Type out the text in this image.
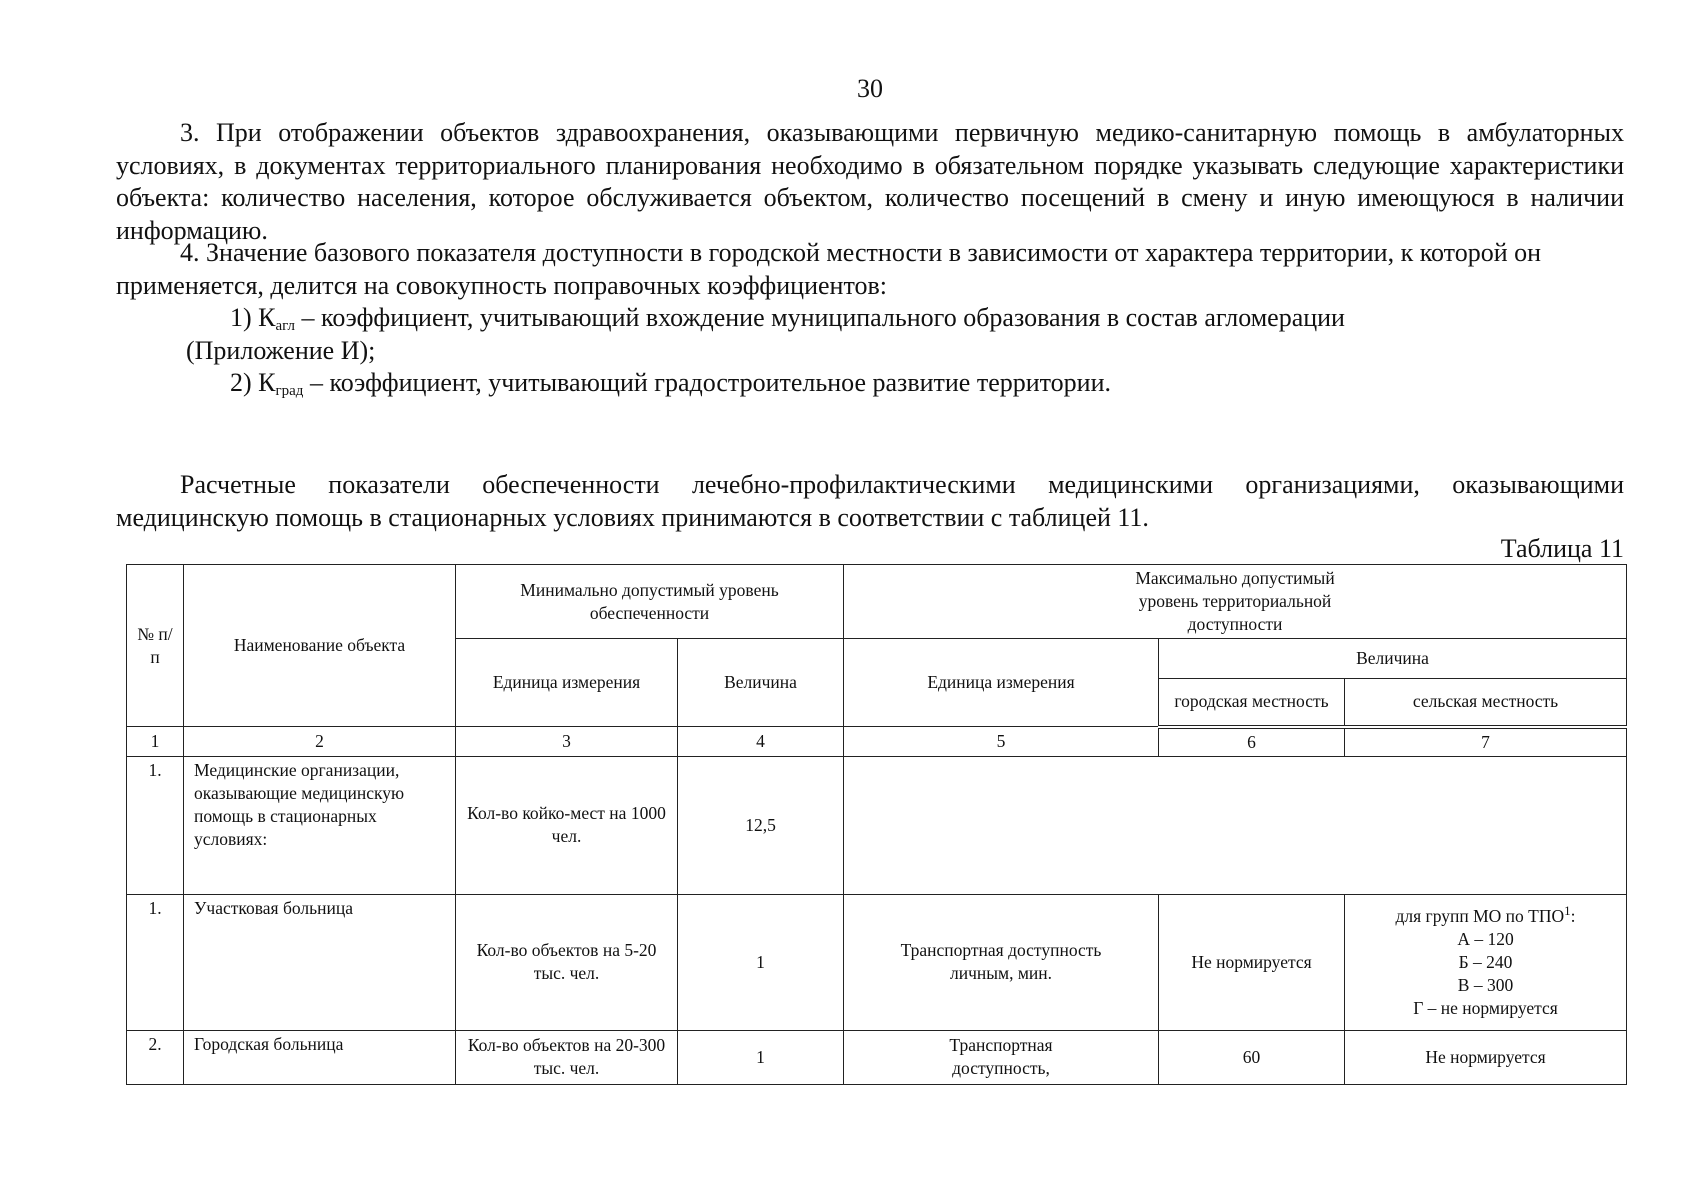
30

3. При отображении объектов здравоохранения, оказывающими первичную медико-санитарную помощь в амбулаторных условиях, в документах территориального планирования необходимо в обязательном порядке указывать следующие характеристики объекта: количество населения, которое обслуживается объектом, количество посещений в смену и иную имеющуюся в наличии информацию.

4. Значение базового показателя доступности в городской местности в зависимости от характера территории, к которой он применяется, делится на совокупность поправочных коэффициентов:

1) $К_{агл}$ – коэффициент, учитывающий вхождение муниципального образования в состав агломерации

(Приложение И);

2) $К_{град}$ – коэффициент, учитывающий градостроительное развитие территории.

Расчетные показатели обеспеченности лечебно-профилактическими медицинскими организациями, оказывающими медицинскую помощь в стационарных условиях принимаются в соответствии с таблицей 11.

Таблица 11
№ п/п	Наименование объекта	Минимально допустимый уровень обеспеченности		Максимально допустимый уровень территориальной доступности		
		Единица измерения	Величина	Единица измерения	Величина	
					городская местность	сельская местность
1	2	3	4	5	6	7
1.	Медицинские организации, оказывающие медицинскую помощь в стационарных условиях:	Кол-во койко-мест на 1000 чел.	12,5			
1.	Участковая больница	Кол-во объектов на 5-20 тыс. чел.	1	Транспортная доступность личным, мин.	Не нормируется	для групп МО по ТПО$^1$:
А – 120
Б – 240
В – 300
Г – не нормируется

2.	Городская больница	Кол-во объектов на 20-300 тыс. чел.	1	Транспортная доступность,	60	Не нормируется
